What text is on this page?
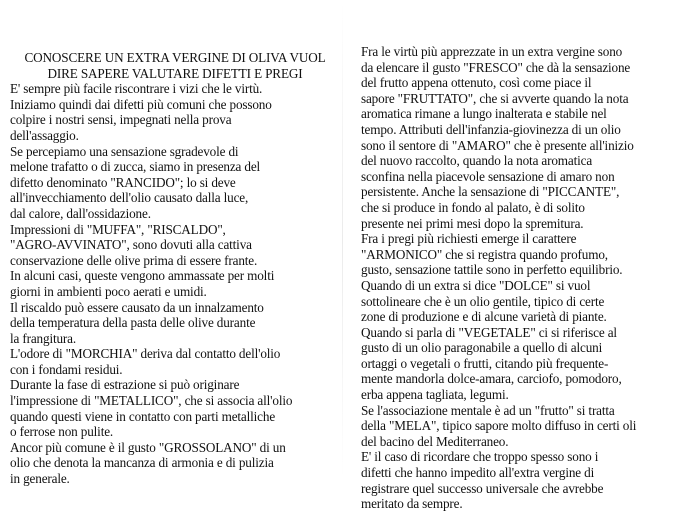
CONOSCERE UN EXTRA VERGINE DI OLIVA VUOL
DIRE SAPERE VALUTARE DIFETTI E PREGI
E' sempre più facile riscontrare i vizi che le virtù.
Iniziamo quindi dai difetti più comuni che possono
colpire i nostri sensi, impegnati nella prova
dell'assaggio.
Se percepiamo una sensazione sgradevole di
melone trafatto o di zucca, siamo in presenza del
difetto denominato "RANCIDO"; lo si deve
all'invecchiamento dell'olio causato dalla luce,
dal calore, dall'ossidazione.
Impressioni di "MUFFA", "RISCALDO",
"AGRO-AVVINATO", sono dovuti alla cattiva
conservazione delle olive prima di essere frante.
In alcuni casi, queste vengono ammassate per molti
giorni in ambienti poco aerati e umidi.
Il riscaldo può essere causato da un innalzamento
della temperatura della pasta delle olive durante
la frangitura.
L'odore di "MORCHIA" deriva dal contatto dell'olio
con i fondami residui.
Durante la fase di estrazione si può originare
l'impressione di "METALLICO", che si associa all'olio
quando questi viene in contatto con parti metalliche
o ferrose non pulite.
Ancor più comune è il gusto "GROSSOLANO" di un
olio che denota la mancanza di armonia e di pulizia
in generale.
Fra le virtù più apprezzate in un extra vergine sono
da elencare il gusto "FRESCO" che dà la sensazione
del frutto appena ottenuto, così come piace il
sapore "FRUTTATO", che si avverte quando la nota
aromatica rimane a lungo inalterata e stabile nel
tempo. Attributi dell'infanzia-giovinezza di un olio
sono il sentore di "AMARO" che è presente all'inizio
del nuovo raccolto, quando la nota aromatica
sconfina nella piacevole sensazione di amaro non
persistente. Anche la sensazione di "PICCANTE",
che si produce in fondo al palato, è di solito
presente nei primi mesi dopo la spremitura.
Fra i pregi più richiesti emerge il carattere
"ARMONICO" che si registra quando profumo,
gusto, sensazione tattile sono in perfetto equilibrio.
Quando di un extra si dice "DOLCE" si vuol
sottolineare che è un olio gentile, tipico di certe
zone di produzione e di alcune varietà di piante.
Quando si parla di "VEGETALE" ci si riferisce al
gusto di un olio paragonabile a quello di alcuni
ortaggi o vegetali o frutti, citando più frequente-
mente mandorla dolce-amara, carciofo, pomodoro,
erba appena tagliata, legumi.
Se l'associazione mentale è ad un "frutto" si tratta
della "MELA", tipico sapore molto diffuso in certi oli
del bacino del Mediterraneo.
E' il caso di ricordare che troppo spesso sono i
difetti che hanno impedito all'extra vergine di
registrare quel successo universale che avrebbe
meritato da sempre.
